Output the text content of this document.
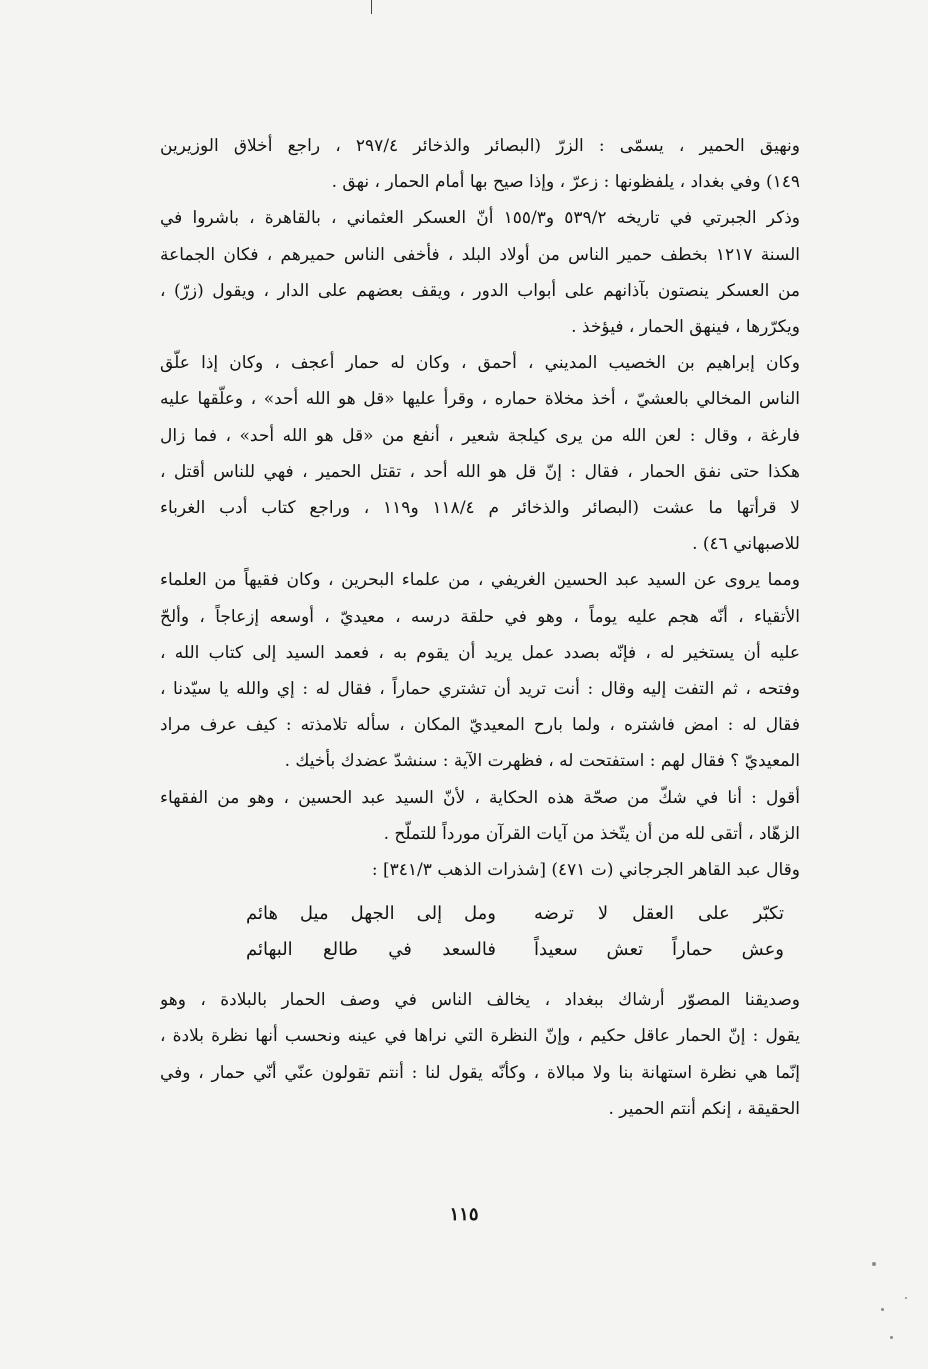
ونهيق الحمير ، يسمّى : الزرّ (البصائر والذخائر ٢٩٧/٤ ، راجع أخلاق الوزيرين
١٤٩) وفي بغداد ، يلفظونها : زعرّ ، وإذا صيح بها أمام الحمار ، نهق .

وذكر الجبرتي في تاريخه ٥٣٩/٢ و١٥٥/٣ أنّ العسكر العثماني ، بالقاهرة ، باشروا في
السنة ١٢١٧ بخطف حمير الناس من أولاد البلد ، فأخفى الناس حميرهم ، فكان الجماعة
من العسكر ينصتون بآذانهم على أبواب الدور ، ويقف بعضهم على الدار ، ويقول (زرّ) ،
ويكرّرها ، فينهق الحمار ، فيؤخذ .

وكان إبراهيم بن الخصيب المديني ، أحمق ، وكان له حمار أعجف ، وكان إذا علّق
الناس المخالي بالعشيّ ، أخذ مخلاة حماره ، وقرأ عليها «قل هو الله أحد» ، وعلّقها عليه
فارغة ، وقال : لعن الله من يرى كيلجة شعير ، أنفع من «قل هو الله أحد» ، فما زال
هكذا حتى نفق الحمار ، فقال : إنّ قل هو الله أحد ، تقتل الحمير ، فهي للناس أقتل ،
لا قرأتها ما عشت (البصائر والذخائر م ١١٨/٤ و١١٩ ، وراجع كتاب أدب الغرباء
للاصبهاني ٤٦) .

ومما يروى عن السيد عبد الحسين الغريفي ، من علماء البحرين ، وكان فقيهاً من العلماء
الأتقياء ، أنّه هجم عليه يوماً ، وهو في حلقة درسه ، معيديّ ، أوسعه إزعاجاً ، وألحّ
عليه أن يستخير له ، فإنّه بصدد عمل يريد أن يقوم به ، فعمد السيد إلى كتاب الله ،
وفتحه ، ثم التفت إليه وقال : أنت تريد أن تشتري حماراً ، فقال له : إي والله يا سيّدنا ،
فقال له : امض فاشتره ، ولما بارح المعيديّ المكان ، سأله تلامذته : كيف عرف مراد
المعيديّ ؟ فقال لهم : استفتحت له ، فظهرت الآية : سنشدّ عضدك بأخيك .

أقول : أنا في شكّ من صحّة هذه الحكاية ، لأنّ السيد عبد الحسين ، وهو من الفقهاء
الزهّاد ، أتقى لله من أن يتّخذ من آيات القرآن مورداً للتملّح .

وقال عبد القاهر الجرجاني (ت ٤٧١) [شذرات الذهب ٣٤١/٣] :

تكبّر على العقل لا ترضه
ومل إلى الجهل ميل هائم
وعش حماراً تعش سعيداً
فالسعد في طالع البهائم

وصديقنا المصوّر أرشاك ببغداد ، يخالف الناس في وصف الحمار بالبلادة ، وهو
يقول : إنّ الحمار عاقل حكيم ، وإنّ النظرة التي نراها في عينه ونحسب أنها نظرة بلادة ،
إنّما هي نظرة استهانة بنا ولا مبالاة ، وكأنّه يقول لنا : أنتم تقولون عنّي أنّي حمار ، وفي
الحقيقة ، إنكم أنتم الحمير .

١١٥
